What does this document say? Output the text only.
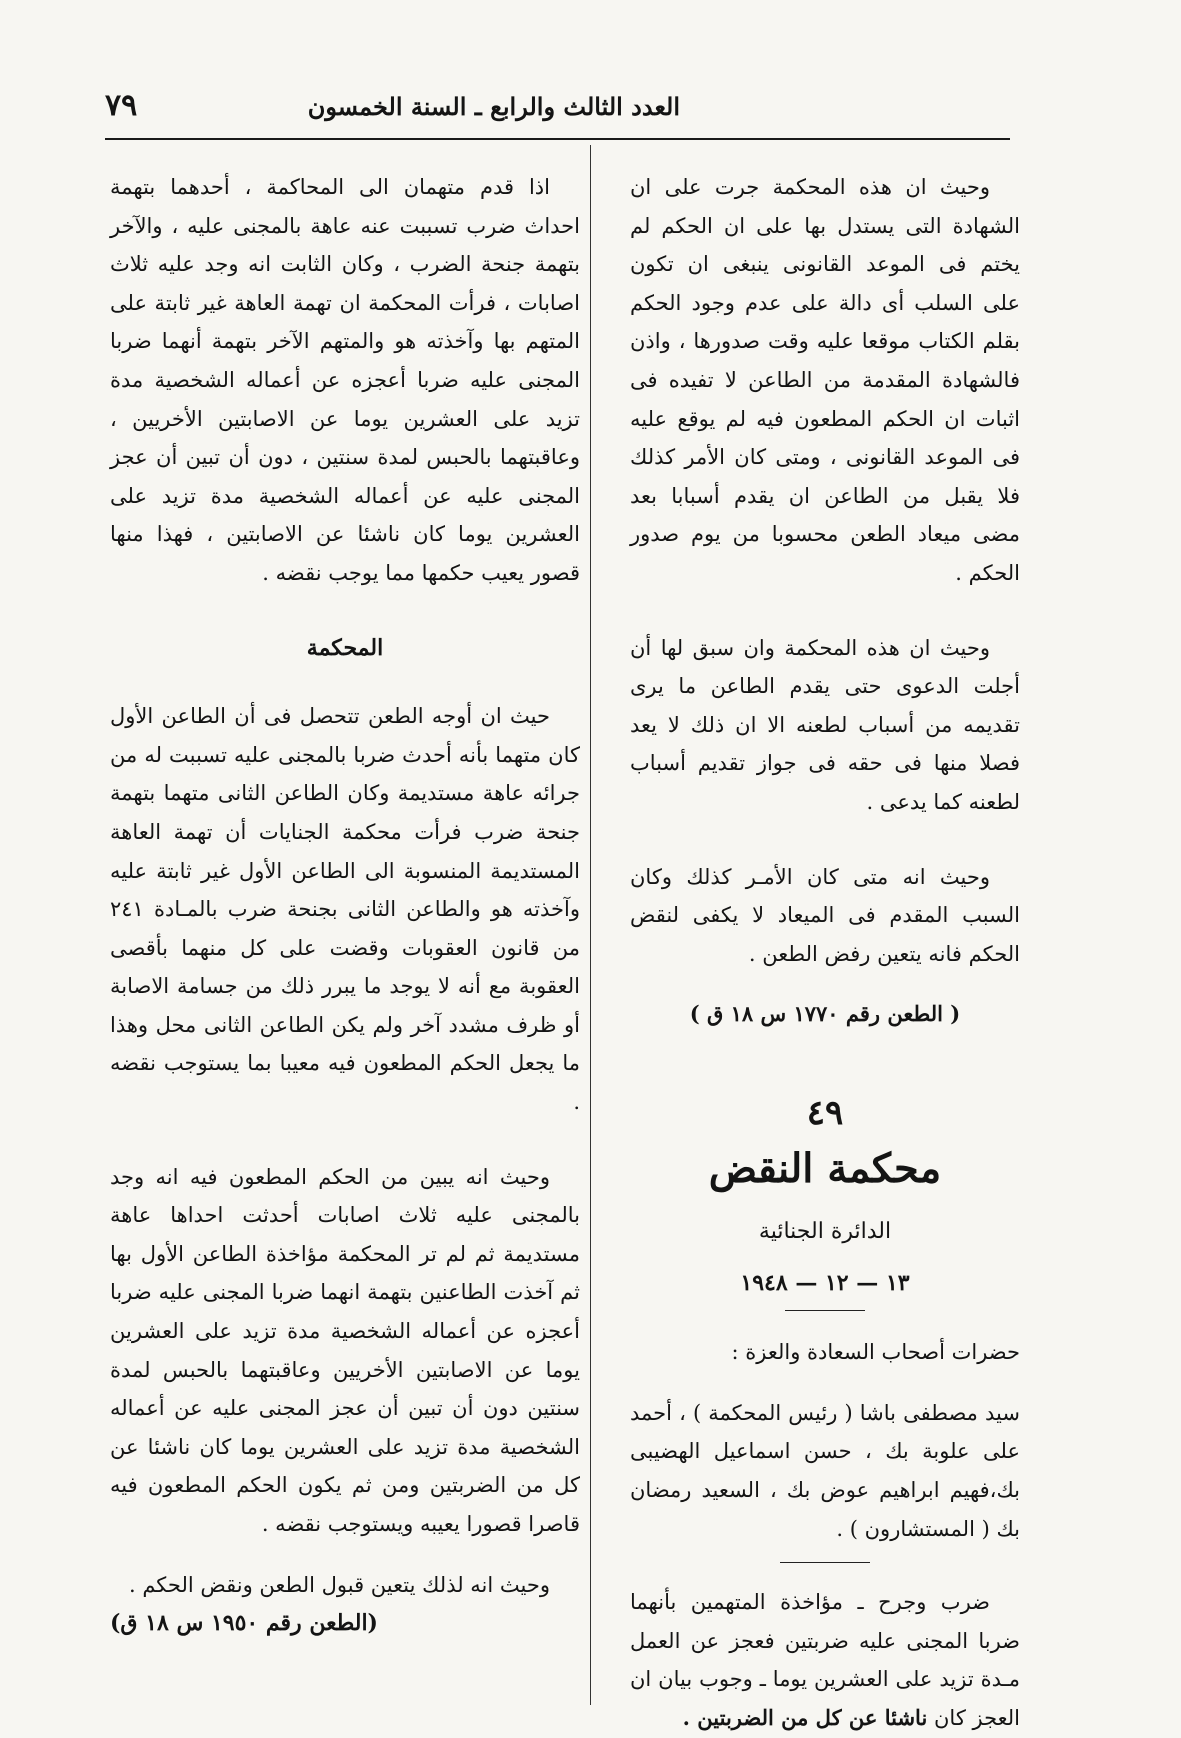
العدد الثالث والرابع ـ السنة الخمسون
٧٩

وحيث ان هذه المحكمة جرت على ان الشهادة التى يستدل بها على ان الحكم لم يختم فى الموعد القانونى ينبغى ان تكون على السلب أى دالة على عدم وجود الحكم بقلم الكتاب موقعا عليه وقت صدورها ، واذن فالشهادة المقدمة من الطاعن لا تفيده فى اثبات ان الحكم المطعون فيه لم يوقع عليه فى الموعد القانونى ، ومتى كان الأمر كذلك فلا يقبل من الطاعن ان يقدم أسبابا بعد مضى ميعاد الطعن محسوبا من يوم صدور الحكم .

وحيث ان هذه المحكمة وان سبق لها أن أجلت الدعوى حتى يقدم الطاعن ما يرى تقديمه من أسباب لطعنه الا ان ذلك لا يعد فصلا منها فى حقه فى جواز تقديم أسباب لطعنه كما يدعى .

وحيث انه متى كان الأمـر كذلك وكان السبب المقدم فى الميعاد لا يكفى لنقض الحكم فانه يتعين رفض الطعن .

( الطعن رقم ١٧٧٠ س ١٨ ق )

٤٩
محكمة النقض
الدائرة الجنائية
١٣ — ١٢ — ١٩٤٨

حضرات أصحاب السعادة والعزة :

سيد مصطفى باشا ( رئيس المحكمة ) ، أحمد على علوبة بك ، حسن اسماعيل الهضيبى بك،فهيم ابراهيم عوض بك ، السعيد رمضان بك ( المستشارون ) .

ضرب وجرح ـ مؤاخذة المتهمين بأنهما ضربا المجنى عليه ضربتين فعجز عن العمل مـدة تزيد على العشرين يوما ـ وجوب بيان ان العجز كان ناشئا عن كل من الضربتين .

اذا قدم متهمان الى المحاكمة ، أحدهما بتهمة احداث ضرب تسببت عنه عاهة بالمجنى عليه ، والآخر بتهمة جنحة الضرب ، وكان الثابت انه وجد عليه ثلاث اصابات ، فرأت المحكمة ان تهمة العاهة غير ثابتة على المتهم بها وآخذته هو والمتهم الآخر بتهمة أنهما ضربا المجنى عليه ضربا أعجزه عن أعماله الشخصية مدة تزيد على العشرين يوما عن الاصابتين الأخريين ، وعاقبتهما بالحبس لمدة سنتين ، دون أن تبين أن عجز المجنى عليه عن أعماله الشخصية مدة تزيد على العشرين يوما كان ناشئا عن الاصابتين ، فهذا منها قصور يعيب حكمها مما يوجب نقضه .

المحكمة

حيث ان أوجه الطعن تتحصل فى أن الطاعن الأول كان متهما بأنه أحدث ضربا بالمجنى عليه تسببت له من جرائه عاهة مستديمة وكان الطاعن الثانى متهما بتهمة جنحة ضرب فرأت محكمة الجنايات أن تهمة العاهة المستديمة المنسوبة الى الطاعن الأول غير ثابتة عليه وآخذته هو والطاعن الثانى بجنحة ضرب بالمـادة ٢٤١ من قانون العقوبات وقضت على كل منهما بأقصى العقوبة مع أنه لا يوجد ما يبرر ذلك من جسامة الاصابة أو ظرف مشدد آخر ولم يكن الطاعن الثانى محل وهذا ما يجعل الحكم المطعون فيه معيبا بما يستوجب نقضه .

وحيث انه يبين من الحكم المطعون فيه انه وجد بالمجنى عليه ثلاث اصابات أحدثت احداها عاهة مستديمة ثم لم تر المحكمة مؤاخذة الطاعن الأول بها ثم آخذت الطاعنين بتهمة انهما ضربا المجنى عليه ضربا أعجزه عن أعماله الشخصية مدة تزيد على العشرين يوما عن الاصابتين الأخريين وعاقبتهما بالحبس لمدة سنتين دون أن تبين أن عجز المجنى عليه عن أعماله الشخصية مدة تزيد على العشرين يوما كان ناشئا عن كل من الضربتين ومن ثم يكون الحكم المطعون فيه قاصرا قصورا يعيبه ويستوجب نقضه .

وحيث انه لذلك يتعين قبول الطعن ونقض الحكم .

(الطعن رقم ١٩٥٠ س ١٨ ق)
